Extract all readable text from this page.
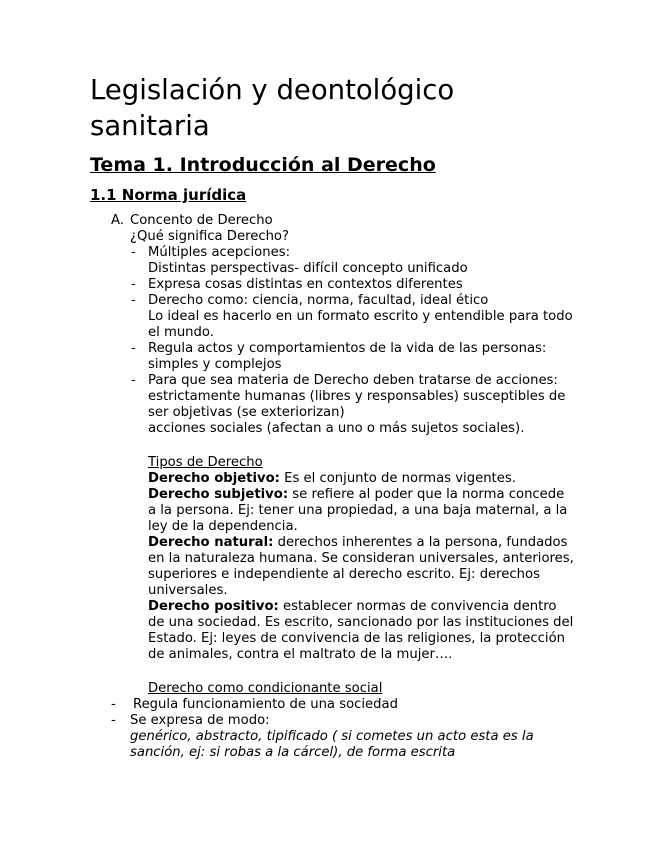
Legislación y deontológico
sanitaria
Tema 1. Introducción al Derecho
1.1 Norma jurídica
A. Concento de Derecho
¿Qué significa Derecho?
- Múltiples acepciones:
Distintas perspectivas- difícil concepto unificado
- Expresa cosas distintas en contextos diferentes
- Derecho como: ciencia, norma, facultad, ideal ético
Lo ideal es hacerlo en un formato escrito y entendible para todo
el mundo.
- Regula actos y comportamientos de la vida de las personas:
simples y complejos
- Para que sea materia de Derecho deben tratarse de acciones:
estrictamente humanas (libres y responsables) susceptibles de
ser objetivas (se exteriorizan)
acciones sociales (afectan a uno o más sujetos sociales).
Tipos de Derecho
Derecho objetivo: Es el conjunto de normas vigentes.
Derecho subjetivo: se refiere al poder que la norma concede
a la persona. Ej: tener una propiedad, a una baja maternal, a la
ley de la dependencia.
Derecho natural: derechos inherentes a la persona, fundados
en la naturaleza humana. Se consideran universales, anteriores,
superiores e independiente al derecho escrito. Ej: derechos
universales.
Derecho positivo: establecer normas de convivencia dentro
de una sociedad. Es escrito, sancionado por las instituciones del
Estado. Ej: leyes de convivencia de las religiones, la protección
de animales, contra el maltrato de la mujer….
Derecho como condicionante social
- Regula funcionamiento de una sociedad
- Se expresa de modo:
genérico, abstracto, tipificado ( si cometes un acto esta es la
sanción, ej: si robas a la cárcel), de forma escrita
